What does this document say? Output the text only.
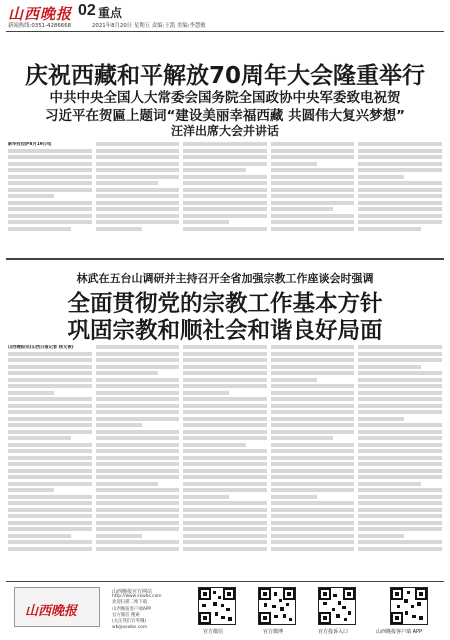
山西晚报 02 重点
新闻热线:0351-4286668	2021年8月20日 星期五 责编:王凯 美编:李慧敏
庆祝西藏和平解放70周年大会隆重举行
中共中央全国人大常委会国务院全国政协中央军委致电祝贺
习近平在贺匾上题词“建设美丽幸福西藏 共圆伟大复兴梦想”
汪洋出席大会并讲话
新华社拉萨8月19日电
林武在五台山调研并主持召开全省加强宗教工作座谈会时强调
全面贯彻党的宗教工作基本方针
巩固宗教和顺社会和谐良好局面
山西晚报讯(山西日报记者 杨文俊)
山西晚报
山西晚报官方网站
http://www.sxwbs.com
欢迎扫描二维下载
山西晚报客户端APP
官方微信 搜索
(关注我们有奖哦)
wb@sxwbs.com
官方微信	官方微博	官方投诉入口	山西晚报客户端 APP
